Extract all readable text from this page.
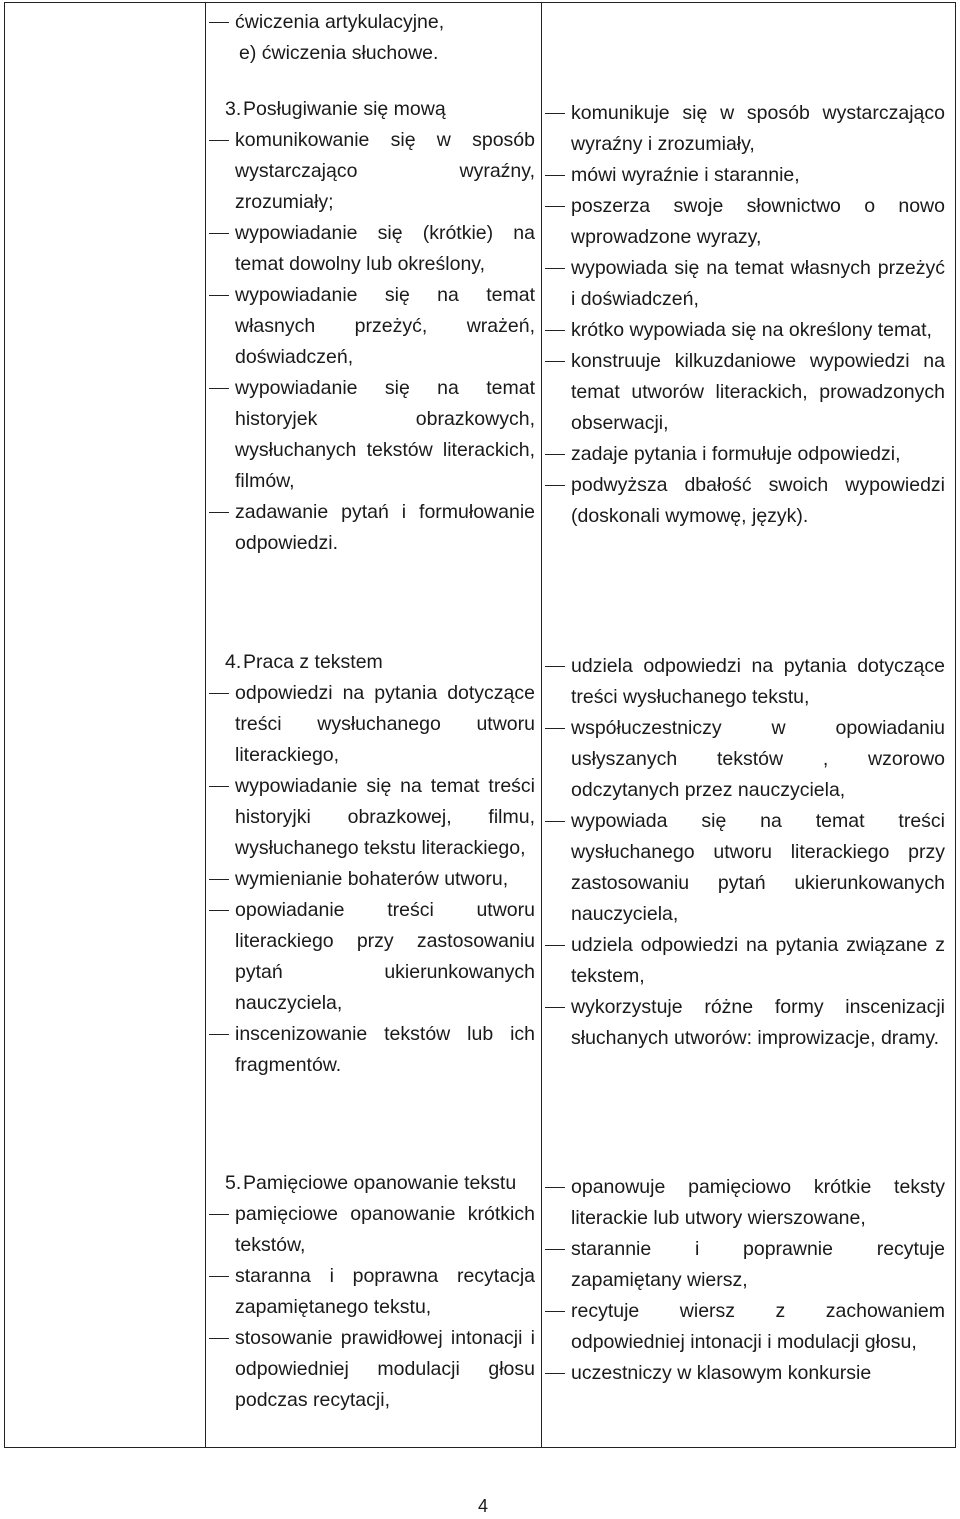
ćwiczenia artykulacyjne,

e) ćwiczenia słuchowe.

3.Posługiwanie się mową

komunikowanie się w sposób wystarczająco wyraźny, zrozumiały;
wypowiadanie się (krótkie) na temat dowolny lub określony,
wypowiadanie się na temat własnych przeżyć, wrażeń, doświadczeń,
wypowiadanie się na temat historyjek obrazkowych, wysłuchanych tekstów literackich, filmów,
zadawanie pytań i formułowanie odpowiedzi.
komunikuje się w sposób wystarczająco wyraźny i zrozumiały,
mówi wyraźnie i starannie,
poszerza swoje słownictwo o nowo wprowadzone wyrazy,
wypowiada się na temat własnych przeżyć i doświadczeń,
krótko wypowiada się na określony temat,
konstruuje kilkuzdaniowe wypowiedzi na temat utworów literackich, prowadzonych obserwacji,
zadaje pytania i formułuje odpowiedzi,
podwyższa dbałość swoich wypowiedzi (doskonali wymowę, język).

4.Praca z tekstem

odpowiedzi na pytania dotyczące treści wysłuchanego utworu literackiego,
wypowiadanie się na temat treści historyjki obrazkowej, filmu, wysłuchanego tekstu literackiego,
wymienianie bohaterów utworu,
opowiadanie treści utworu literackiego przy zastosowaniu pytań ukierunkowanych nauczyciela,
inscenizowanie tekstów lub ich fragmentów.
udziela odpowiedzi na pytania dotyczące treści wysłuchanego tekstu,
współuczestniczy w opowiadaniu usłyszanych tekstów , wzorowo odczytanych przez nauczyciela,
wypowiada się na temat treści wysłuchanego utworu literackiego przy zastosowaniu pytań ukierunkowanych nauczyciela,
udziela odpowiedzi na pytania związane z tekstem,
wykorzystuje różne formy inscenizacji słuchanych utworów: improwizacje, dramy.

5.Pamięciowe opanowanie tekstu

pamięciowe opanowanie krótkich tekstów,
staranna i poprawna recytacja zapamiętanego tekstu,
stosowanie prawidłowej intonacji i odpowiedniej modulacji głosu podczas recytacji,
opanowuje pamięciowo krótkie teksty literackie lub utwory wierszowane,
starannie i poprawnie recytuje zapamiętany wiersz,
recytuje wiersz z zachowaniem odpowiedniej intonacji i modulacji głosu,
uczestniczy w klasowym konkursie
4
